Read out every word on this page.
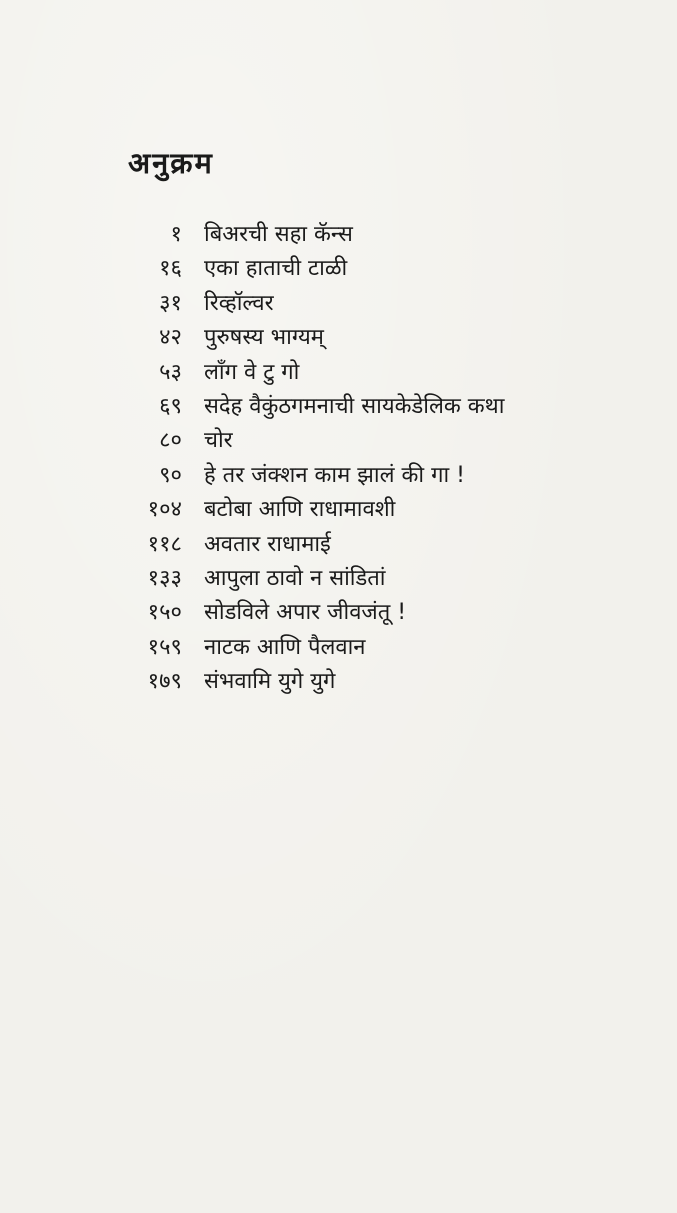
अनुक्रम
१ बिअरची सहा कॅन्स
१६ एका हाताची टाळी
३१ रिव्हॉल्वर
४२ पुरुषस्य भाग्यम्
५३ लाँग वे टु गो
६९ सदेह वैकुंठगमनाची सायकेडेलिक कथा
८० चोर
९० हे तर जंक्शन काम झालं की गा !
१०४ बटोबा आणि राधामावशी
११८ अवतार राधामाई
१३३ आपुला ठावो न सांडितां
१५० सोडविले अपार जीवजंतू !
१५९ नाटक आणि पैलवान
१७९ संभवामि युगे युगे
